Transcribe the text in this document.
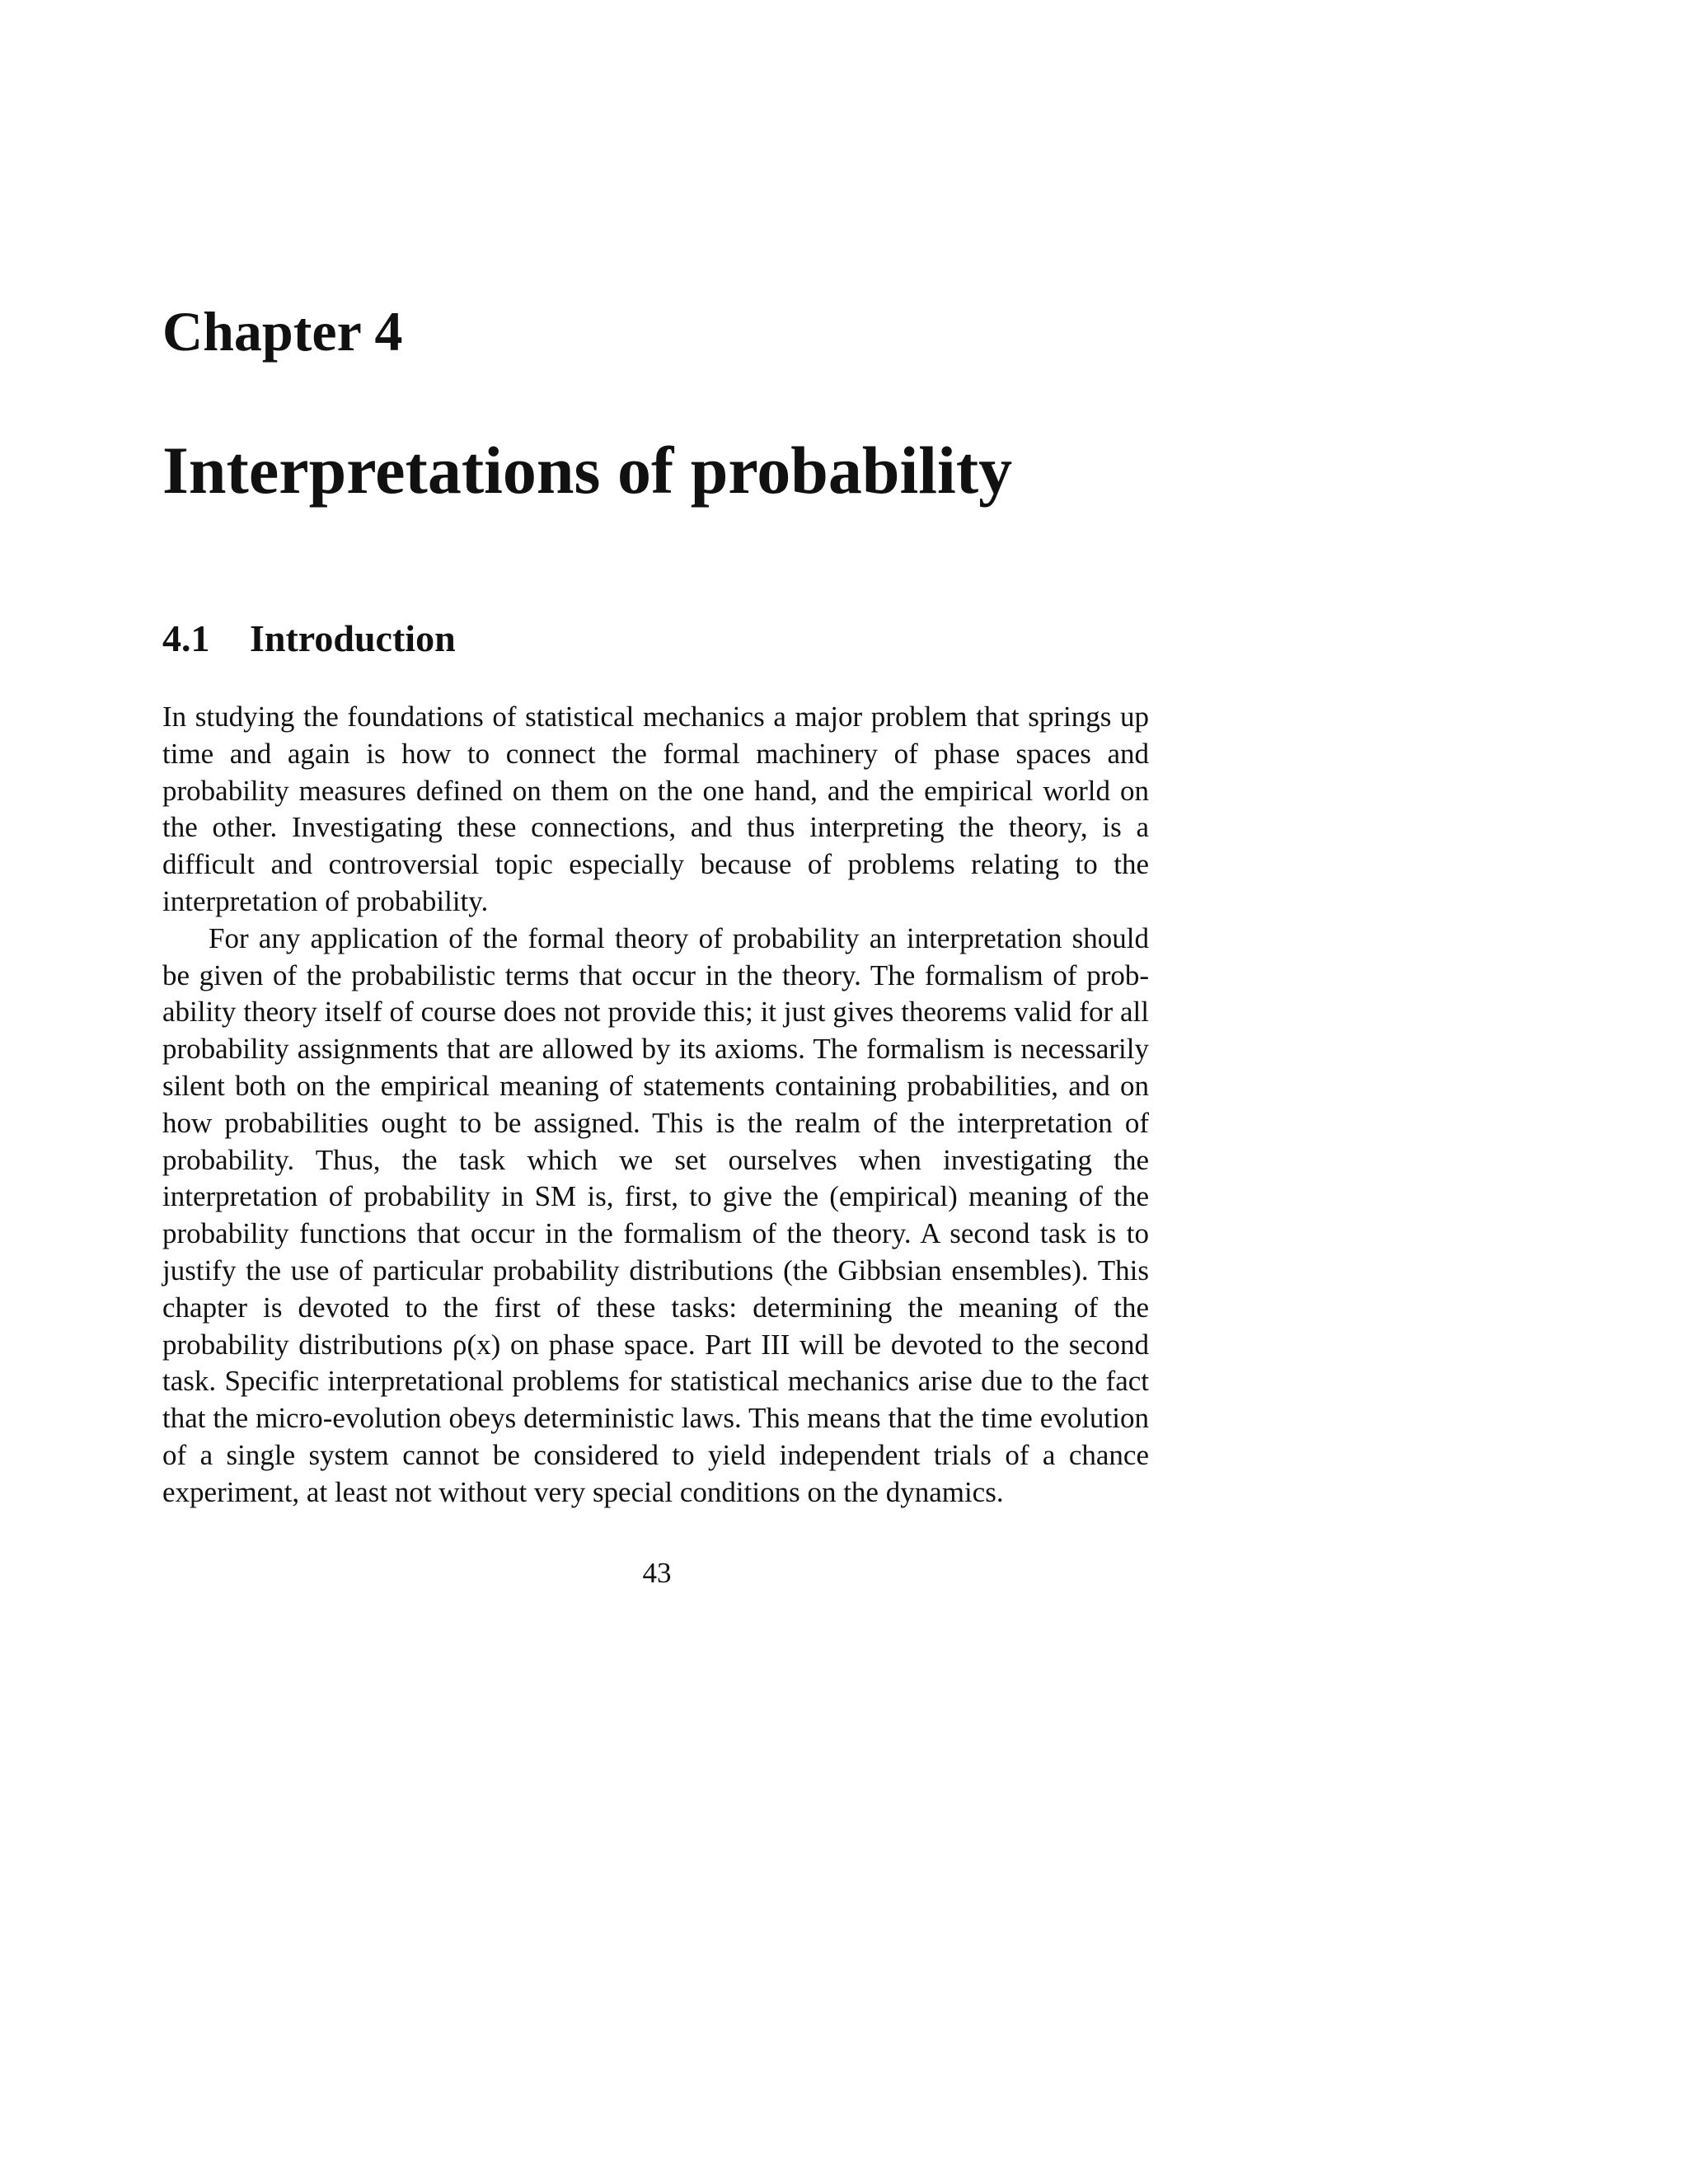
Chapter 4
Interpretations of probability
4.1 Introduction

In studying the foundations of statistical mechanics a major problem that springs up time and again is how to connect the formal machinery of phase spaces and probability measures defined on them on the one hand, and the empirical world on the other. Investigating these connections, and thus interpreting the theory, is a difficult and controversial topic especially because of problems relating to the interpretation of probability.

For any application of the formal theory of probability an interpretation should be given of the probabilistic terms that occur in the theory. The formalism of probability theory itself of course does not provide this; it just gives theorems valid for all probability assignments that are allowed by its axioms. The formalism is necessarily silent both on the empirical meaning of statements containing probabilities, and on how probabilities ought to be assigned. This is the realm of the interpretation of probability. Thus, the task which we set ourselves when investigating the interpretation of probability in SM is, first, to give the (empirical) meaning of the probability functions that occur in the formalism of the theory. A second task is to justify the use of particular probability distributions (the Gibbsian ensembles). This chapter is devoted to the first of these tasks: determining the meaning of the probability distributions ρ(x) on phase space. Part III will be devoted to the second task. Specific interpretational problems for statistical mechanics arise due to the fact that the micro-evolution obeys deterministic laws. This means that the time evolution of a single system cannot be considered to yield independent trials of a chance experiment, at least not without very special conditions on the dynamics.

43
